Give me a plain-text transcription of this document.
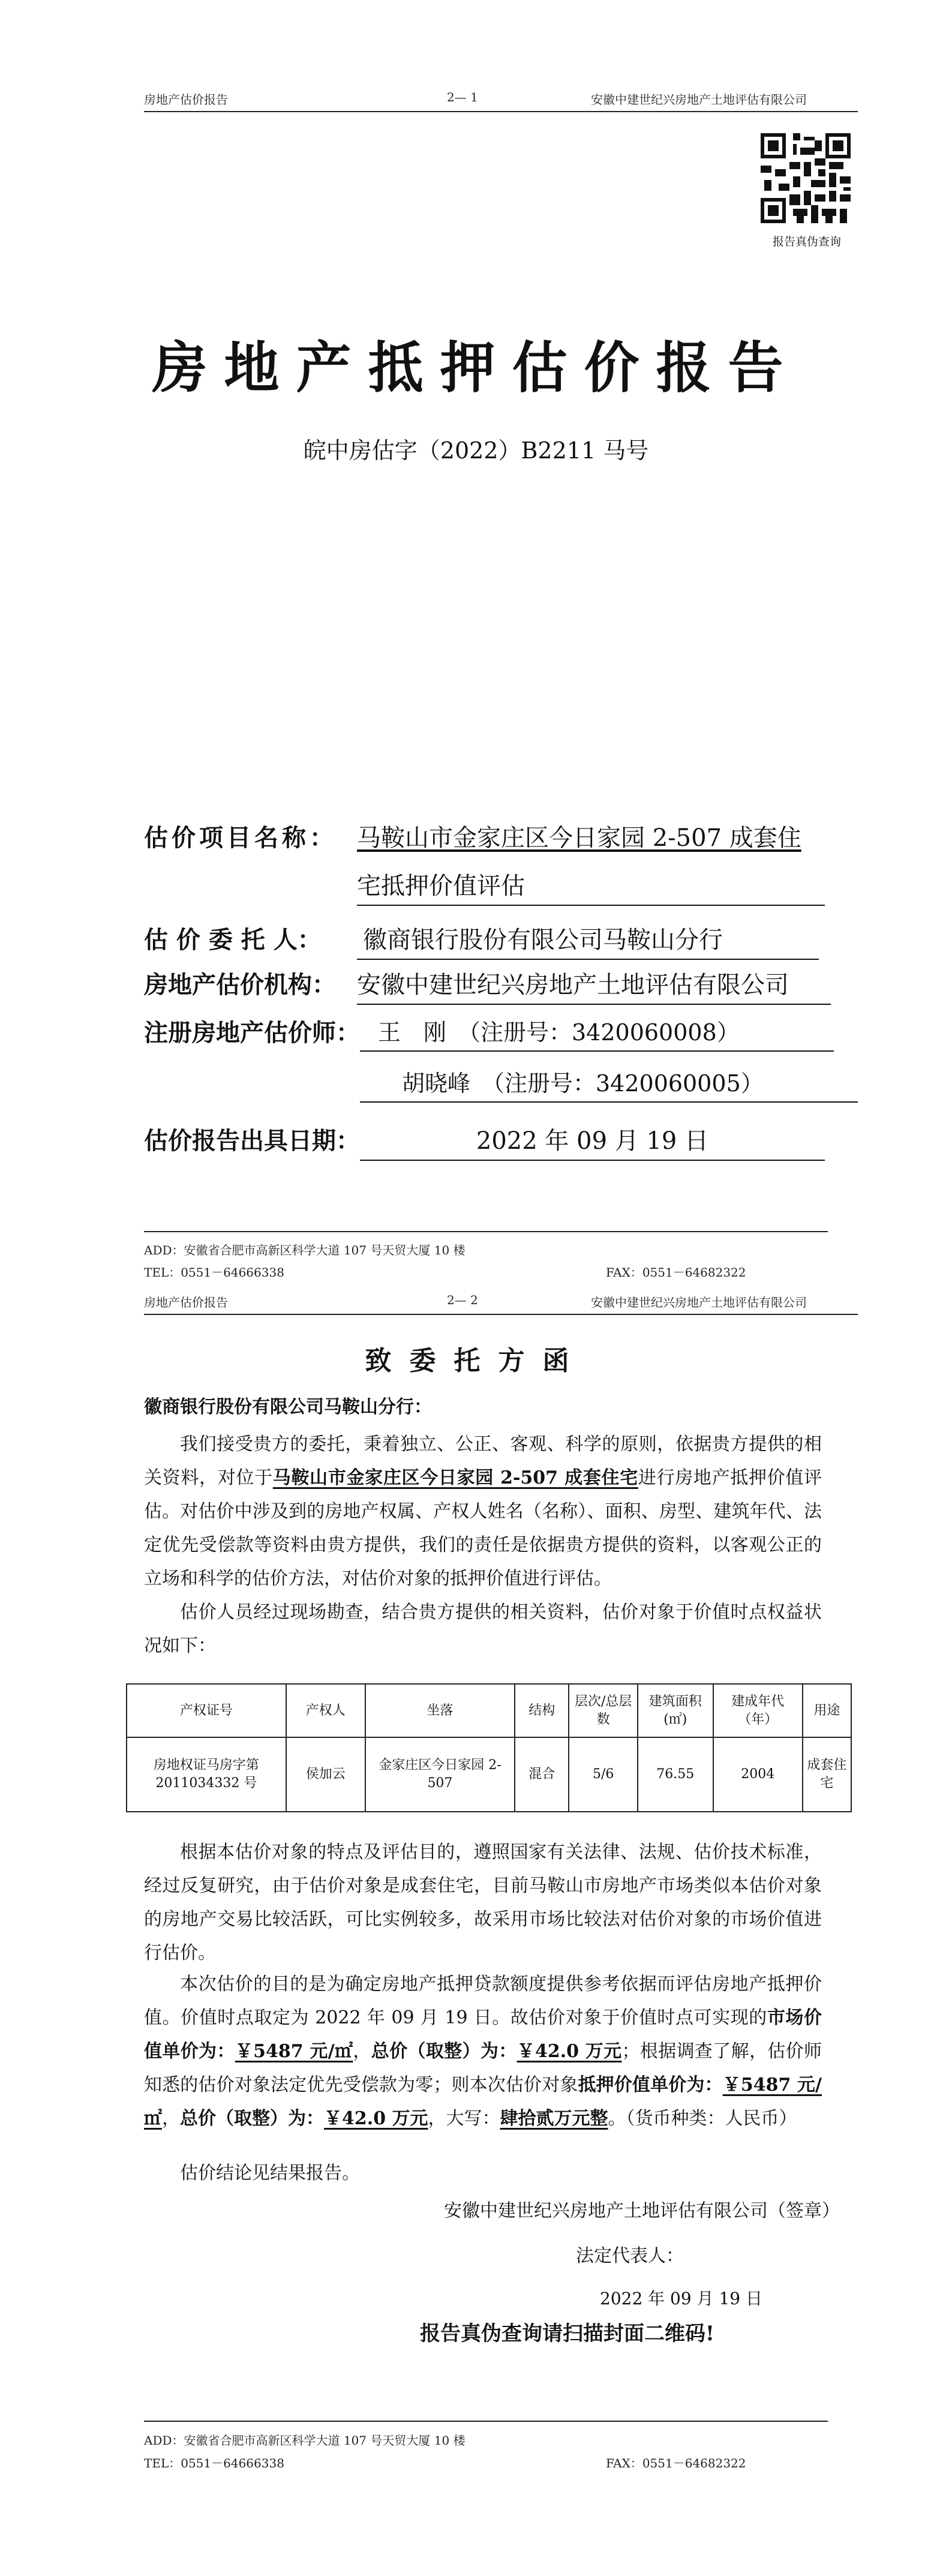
房地产估价报告	2— 1	安徽中建世纪兴房地产土地评估有限公司
报告真伪查询
房地产抵押估价报告
皖中房估字（2022）B2211 马号
估价项目名称： 马鞍山市金家庄区今日家园 2-507 成套住
宅抵押价值评估
估 价 委 托 人： 徽商银行股份有限公司马鞍山分行
房地产估价机构： 安徽中建世纪兴房地产土地评估有限公司
注册房地产估价师： 王　刚　（注册号：3420060008）
胡晓峰　（注册号：3420060005）
估价报告出具日期：	2022 年 09 月 19 日
ADD：安徽省合肥市高新区科学大道 107 号天贸大厦 10 楼
TEL：0551－64666338	FAX：0551－64682322
房地产估价报告	2— 2	安徽中建世纪兴房地产土地评估有限公司
致委托方函
徽商银行股份有限公司马鞍山分行：

我们接受贵方的委托，秉着独立、公正、客观、科学的原则，依据贵方提供的相关资料，对位于马鞍山市金家庄区今日家园 2-507 成套住宅进行房地产抵押价值评估。对估价中涉及到的房地产权属、产权人姓名（名称）、面积、房型、建筑年代、法定优先受偿款等资料由贵方提供，我们的责任是依据贵方提供的资料，以客观公正的立场和科学的估价方法，对估价对象的抵押价值进行评估。

估价人员经过现场勘查，结合贵方提供的相关资料，估价对象于价值时点权益状况如下：

产权证号	产权人	坐落	结构	层次/总层数	建筑面积(㎡)	建成年代（年）	用途
房地权证马房字第 2011034332 号	侯加云	金家庄区今日家园 2-507	混合	5/6	76.55	2004	成套住宅

根据本估价对象的特点及评估目的，遵照国家有关法律、法规、估价技术标准，经过反复研究，由于估价对象是成套住宅，目前马鞍山市房地产市场类似本估价对象的房地产交易比较活跃，可比实例较多，故采用市场比较法对估价对象的市场价值进行估价。

本次估价的目的是为确定房地产抵押贷款额度提供参考依据而评估房地产抵押价值。价值时点取定为 2022 年 09 月 19 日。故估价对象于价值时点可实现的市场价值单价为：￥5487 元/㎡，总价（取整）为：￥42.0 万元；根据调查了解，估价师知悉的估价对象法定优先受偿款为零；则本次估价对象抵押价值单价为：￥5487 元/㎡，总价（取整）为：￥42.0 万元，大写：肆拾贰万元整。（货币种类：人民币）

估价结论见结果报告。

安徽中建世纪兴房地产土地评估有限公司（签章）
法定代表人：
2022 年 09 月 19 日
报告真伪查询请扫描封面二维码!
ADD：安徽省合肥市高新区科学大道 107 号天贸大厦 10 楼
TEL：0551－64666338	FAX：0551－64682322
